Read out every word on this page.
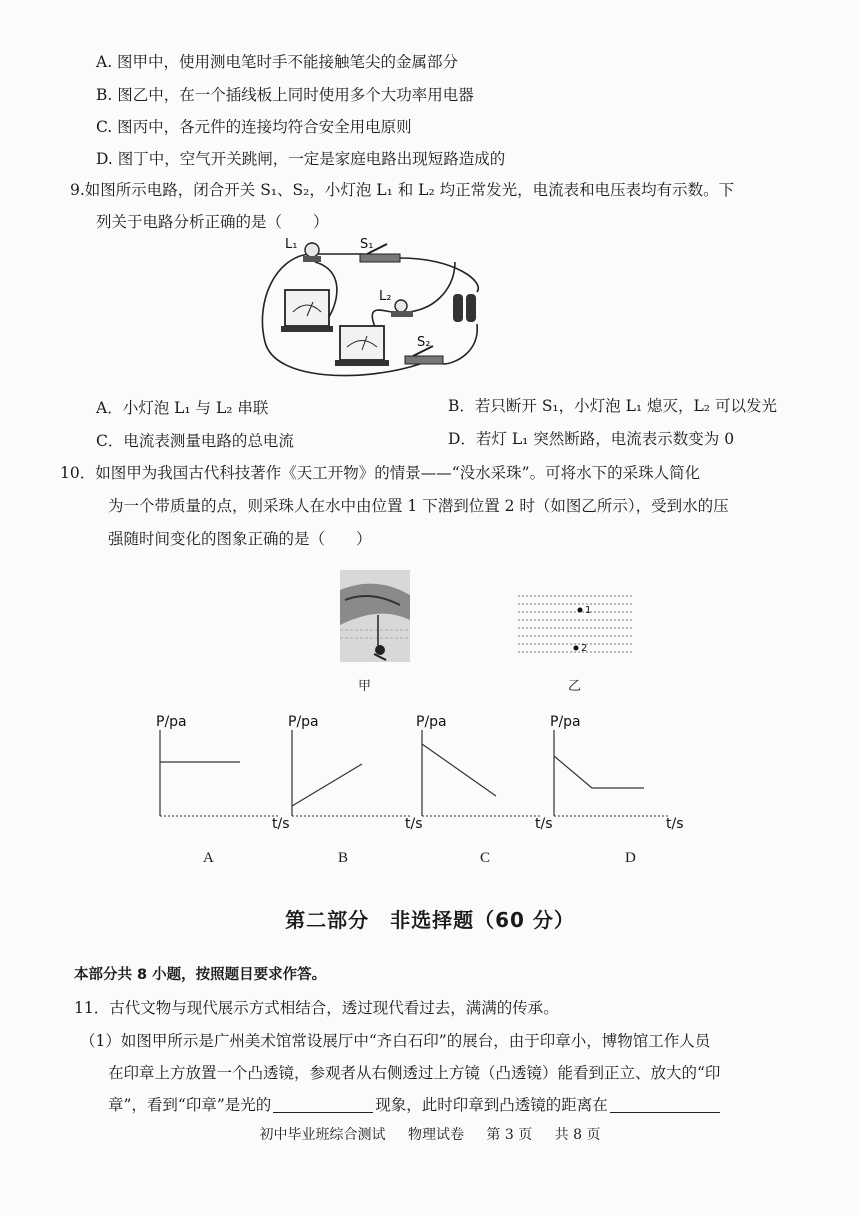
A. 图甲中，使用测电笔时手不能接触笔尖的金属部分
B. 图乙中，在一个插线板上同时使用多个大功率用电器
C. 图丙中，各元件的连接均符合安全用电原则
D. 图丁中，空气开关跳闸，一定是家庭电路出现短路造成的
9.如图所示电路，闭合开关 S₁、S₂，小灯泡 L₁ 和 L₂ 均正常发光，电流表和电压表均有示数。下
列关于电路分析正确的是（　　）
L₁	S₁
L₂
S₂
A．小灯泡 L₁ 与 L₂ 串联	B．若只断开 S₁，小灯泡 L₁ 熄灭，L₂ 可以发光
C．电流表测量电路的总电流	D．若灯 L₁ 突然断路，电流表示数变为 0
10．如图甲为我国古代科技著作《天工开物》的情景——“没水采珠”。可将水下的采珠人简化
为一个带质量的点，则采珠人在水中由位置 1 下潜到位置 2 时（如图乙所示），受到水的压
强随时间变化的图象正确的是（　　）
甲
1
2
乙
P/pa
t/s
P/pa
t/s
P/pa
t/s
P/pa
t/s
A	B	C	D
第二部分　非选择题（60 分）
本部分共 8 小题，按照题目要求作答。
11．古代文物与现代展示方式相结合，透过现代看过去，满满的传承。
（1）如图甲所示是广州美术馆常设展厅中“齐白石印”的展台，由于印章小，博物馆工作人员
在印章上方放置一个凸透镜，参观者从右侧透过上方镜（凸透镜）能看到正立、放大的“印
章”，看到“印章”是光的	现象，此时印章到凸透镜的距离在
初中毕业班综合测试 物理试卷 第 3 页 共 8 页
